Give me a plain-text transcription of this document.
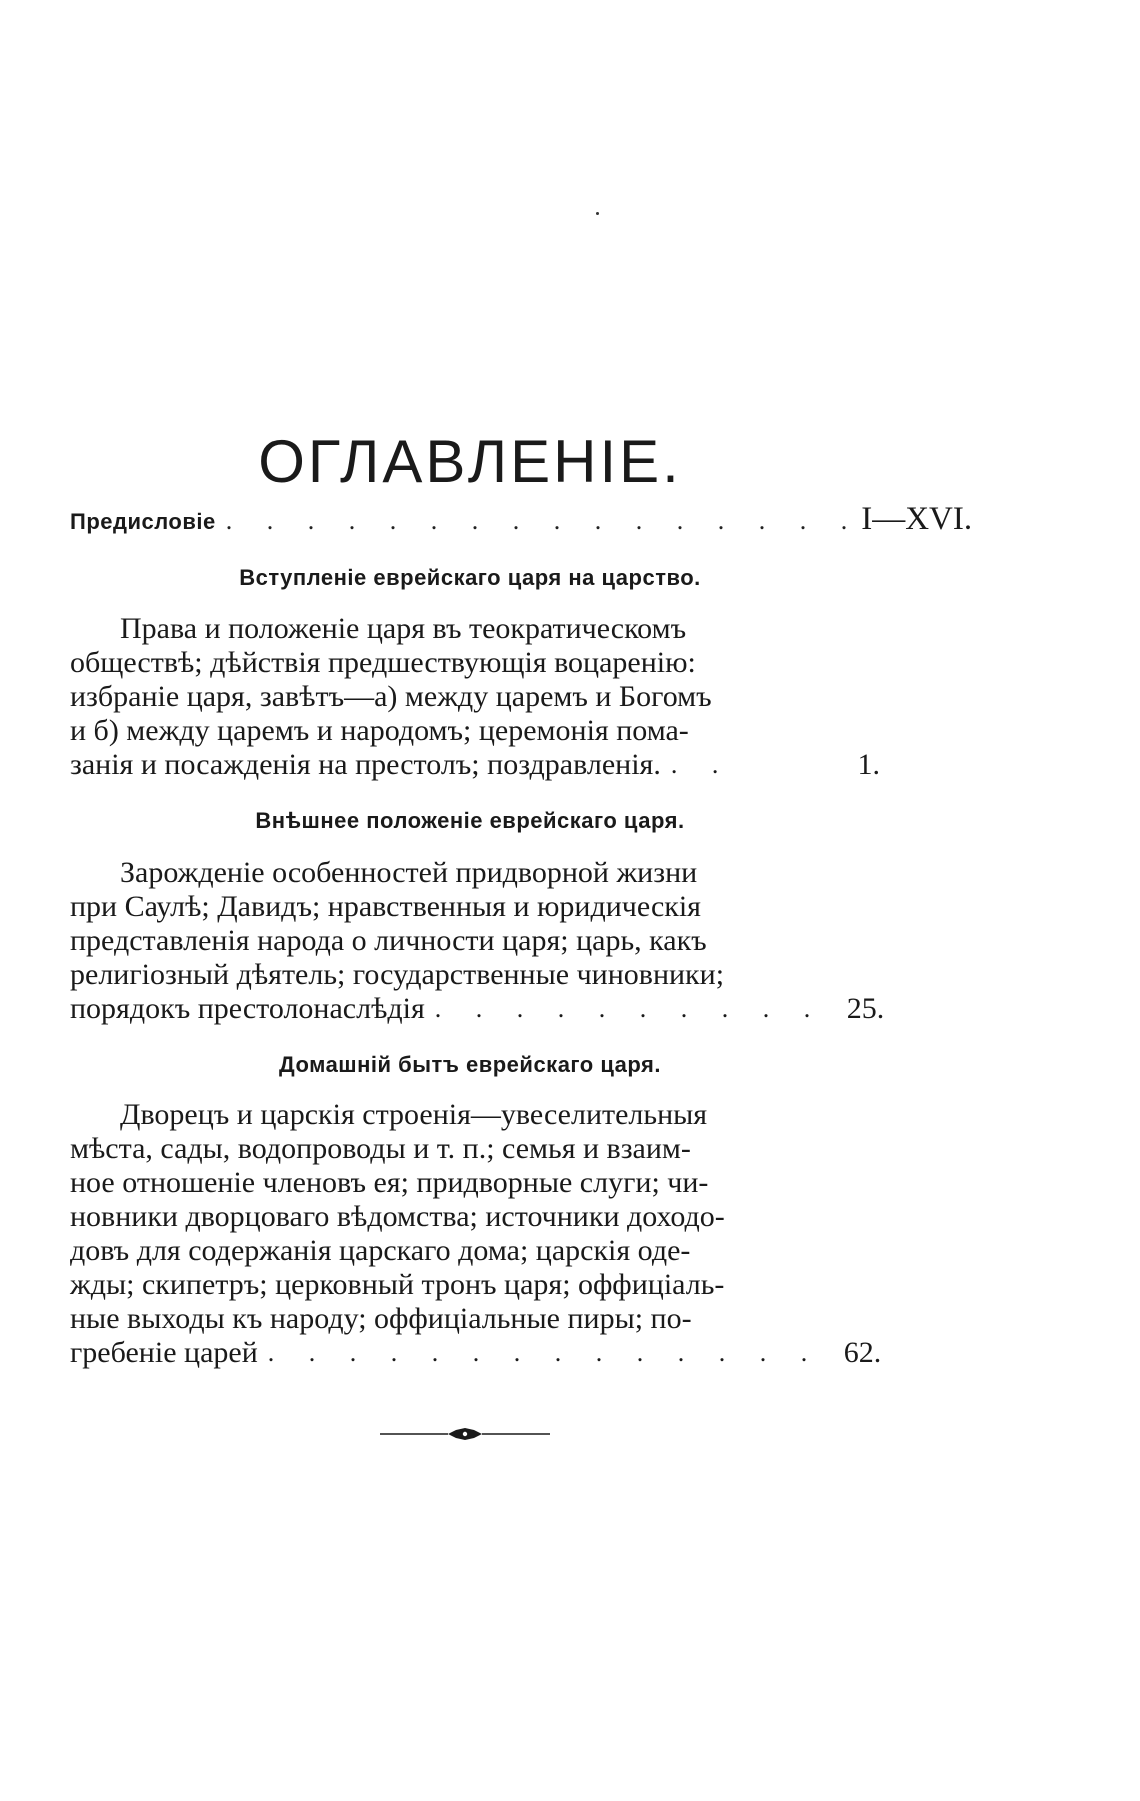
ОГЛАВЛЕНІЕ.
Предисловіе . . . . . . . . . . . . . . . . I—XVI.
Вступленіе еврейскаго царя на царство.
Права и положеніе царя въ теократическомъ
обществѣ; дѣйствія предшествующія воцаренію:
избраніе царя, завѣтъ—а) между царемъ и Богомъ
и б) между царемъ и народомъ; церемонія пома-
занія и посажденія на престолъ; поздравленія. . .	1.
Внѣшнее положеніе еврейскаго царя.
Зарожденіе особенностей придворной жизни
при Саулѣ; Давидъ; нравственныя и юридическія
представленія народа о личности царя; царь, какъ
религіозный дѣятель; государственные чиновники;
порядокъ престолонаслѣдія . . . . . . . . . . 25.
Домашній бытъ еврейскаго царя.
Дворецъ и царскія строенія—увеселительныя
мѣста, сады, водопроводы и т. п.; семья и взаим-
ное отношеніе членовъ ея; придворные слуги; чи-
новники дворцоваго вѣдомства; источники доходо-
довъ для содержанія царскаго дома; царскія оде-
жды; скипетръ; церковный тронъ царя; оффиціаль-
ные выходы къ народу; оффиціальные пиры; по-
гребеніе царей . . . . . . . . . . . . . . 62.
